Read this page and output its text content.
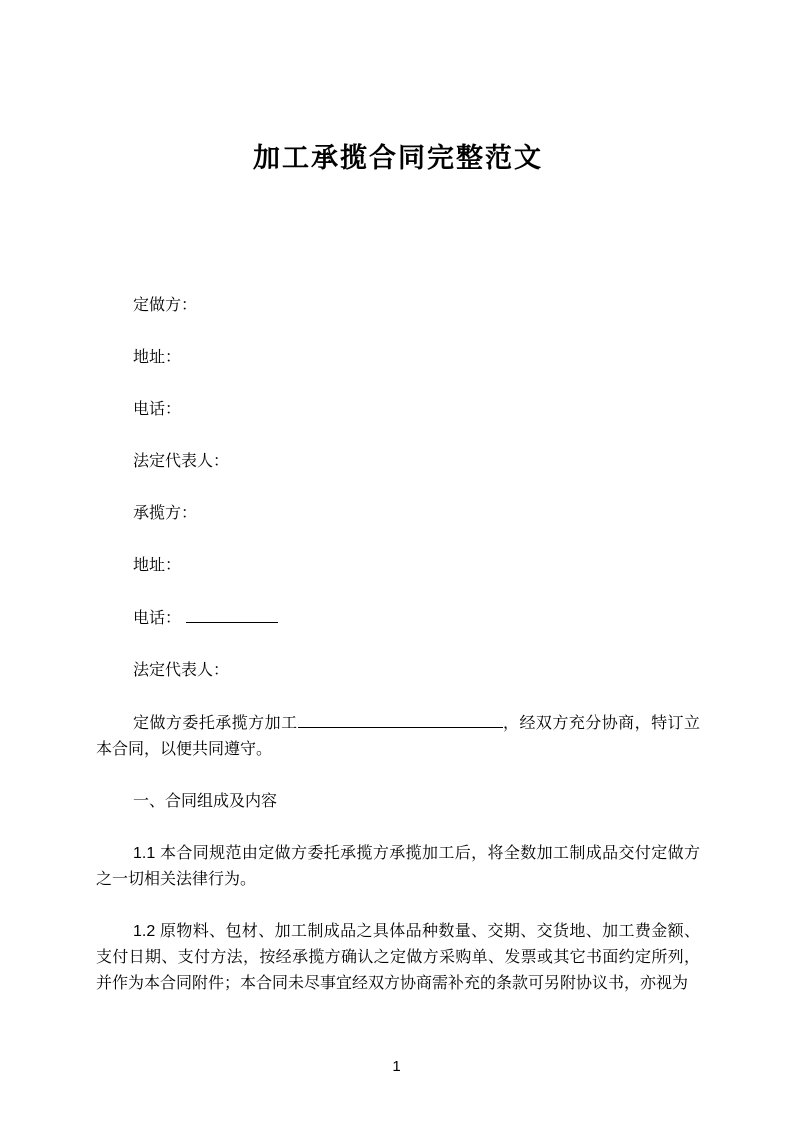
加工承揽合同完整范文

定做方：

地址：

电话：

法定代表人：

承揽方：

地址：

电话：

法定代表人：

定做方委托承揽方加工	，经双方充分协商，特订立本合同，以便共同遵守。

一、合同组成及内容

1.1 本合同规范由定做方委托承揽方承揽加工后，将全数加工制成品交付定做方之一切相关法律行为。

1.2 原物料、包材、加工制成品之具体品种数量、交期、交货地、加工费金额、支付日期、支付方法，按经承揽方确认之定做方采购单、发票或其它书面约定所列，并作为本合同附件；本合同未尽事宜经双方协商需补充的条款可另附协议书，亦视为

1
